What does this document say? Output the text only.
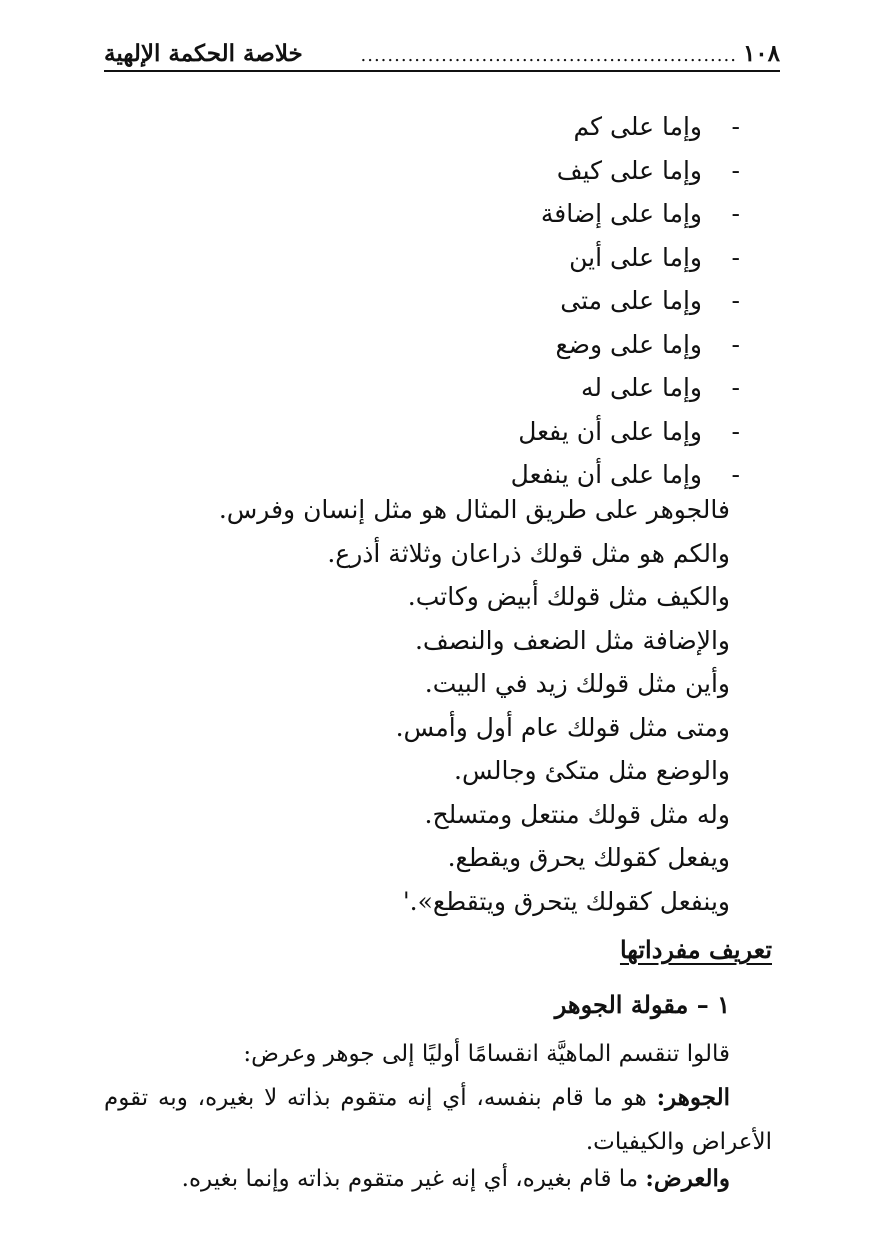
١٠٨
........................................................
خلاصة الحكمة الإلهية
-وإما على كم
-وإما على كيف
-وإما على إضافة
-وإما على أين
-وإما على متى
-وإما على وضع
-وإما على له
-وإما على أن يفعل
-وإما على أن ينفعل

فالجوهر على طريق المثال هو مثل إنسان وفرس.

والكم هو مثل قولك ذراعان وثلاثة أذرع.

والكيف مثل قولك أبيض وكاتب.

والإضافة مثل الضعف والنصف.

وأين مثل قولك زيد في البيت.

ومتى مثل قولك عام أول وأمس.

والوضع مثل متكئ وجالس.

وله مثل قولك منتعل ومتسلح.

ويفعل كقولك يحرق ويقطع.

وينفعل كقولك يتحرق ويتقطع».'

تعريف مفرداتها
١ – مقولة الجوهر

قالوا تنقسم الماهيَّة انقسامًا أوليًا إلى جوهر وعرض:

الجوهر: هو ما قام بنفسه، أي إنه متقوم بذاته لا بغيره، وبه تقوم الأعراض والكيفيات.

والعرض: ما قام بغيره، أي إنه غير متقوم بذاته وإنما بغيره.
